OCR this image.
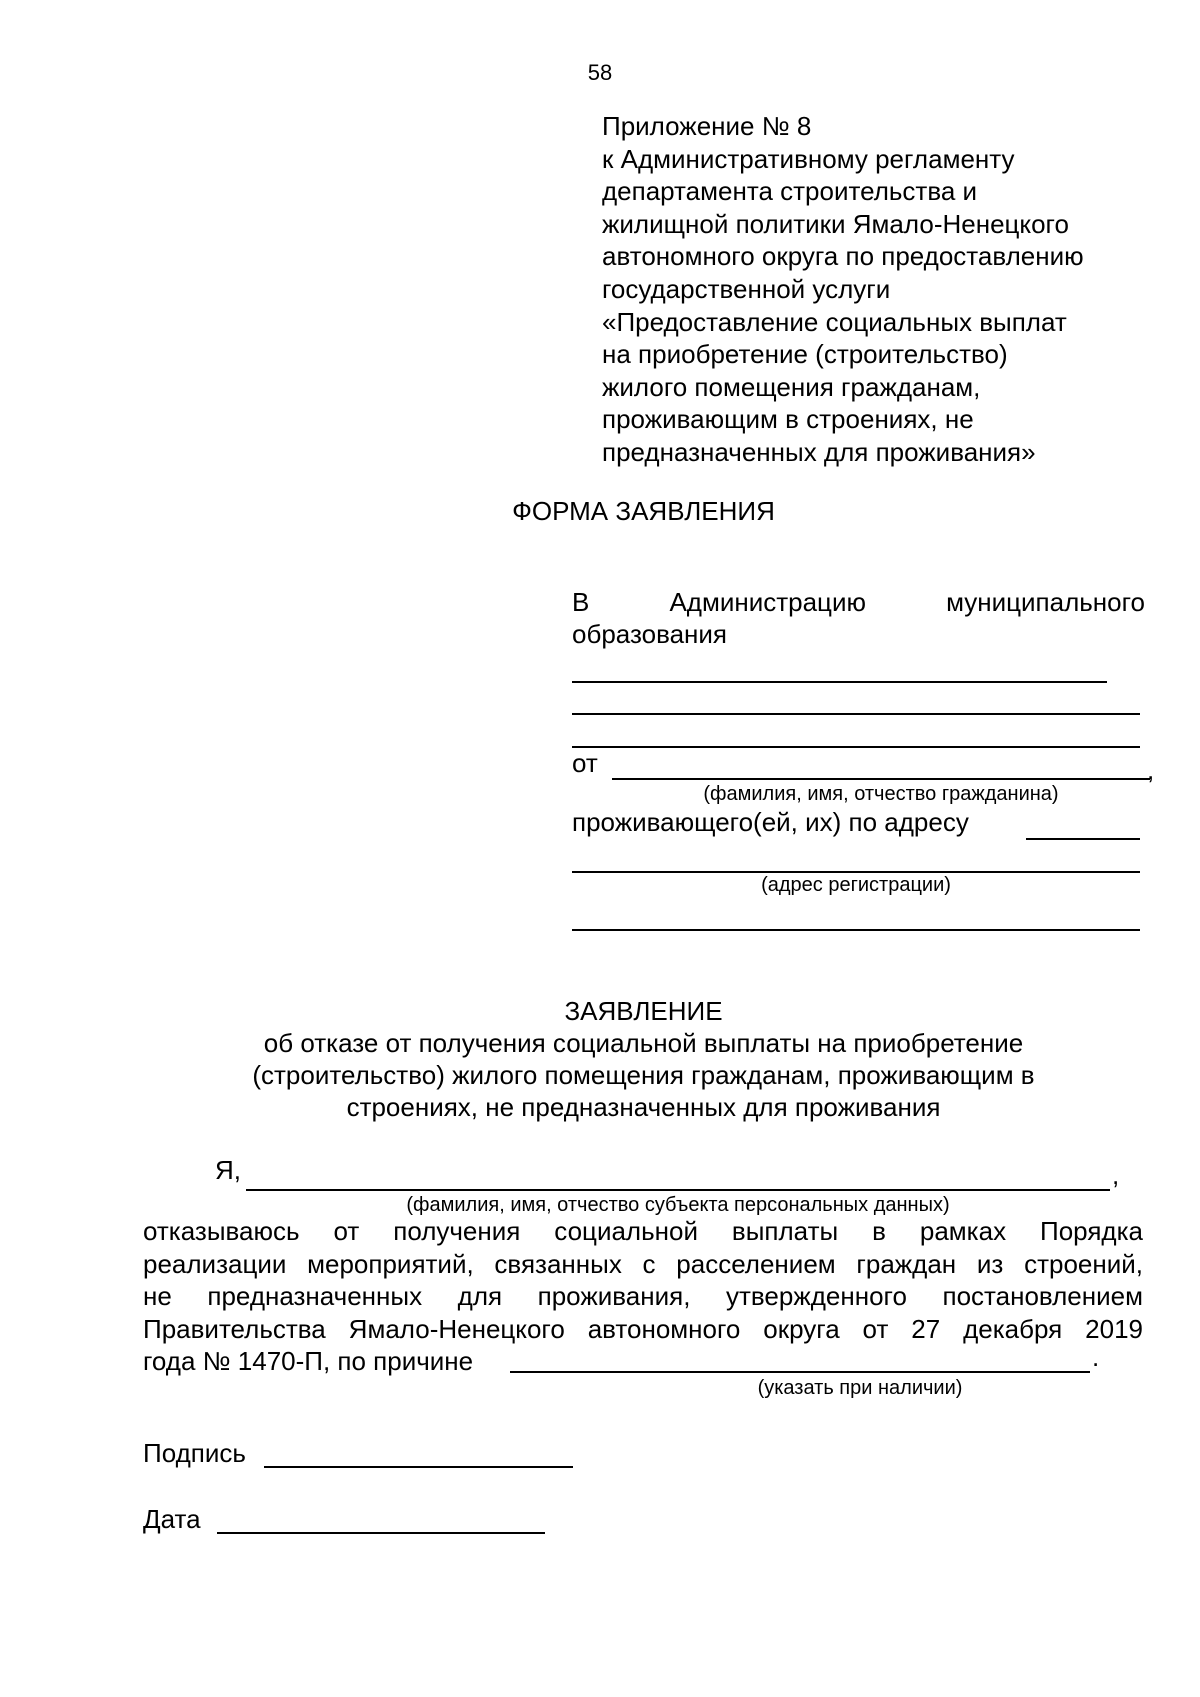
58
Приложение № 8
к Административному регламенту
департамента строительства и
жилищной политики Ямало-Ненецкого
автономного округа по предоставлению
государственной услуги
«Предоставление социальных выплат
на приобретение (строительство)
жилого помещения гражданам,
проживающим в строениях, не
предназначенных для проживания»
ФОРМА ЗАЯВЛЕНИЯ
В	Администрацию	муниципального
образования
от	,
(фамилия, имя, отчество гражданина)
проживающего(ей, их) по адресу
(адрес регистрации)
ЗАЯВЛЕНИЕ
об отказе от получения социальной выплаты на приобретение
(строительство) жилого помещения гражданам, проживающим в
строениях, не предназначенных для проживания
Я,	,
(фамилия, имя, отчество субъекта персональных данных)
отказываюсь от получения социальной выплаты в рамках Порядка
реализации мероприятий, связанных с расселением граждан из строений,
не предназначенных для проживания, утвержденного постановлением
Правительства Ямало-Ненецкого автономного округа от 27 декабря 2019
года № 1470-П, по причине	.
(указать при наличии)
Подпись
Дата
